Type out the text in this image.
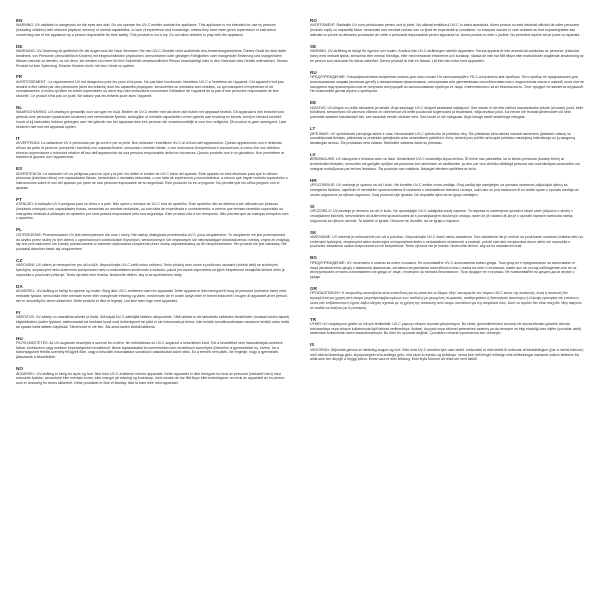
EN

WARNING: UV radiation is dangerous for the eyes and skin. Do not operate the UV-C emitter outside the appliance. This appliance is not intended for use by persons (including children) with reduced physical, sensory or mental capabilities, or lack of experience and knowledge, unless they have been given supervision or instruction concerning use of the appliance by a person responsible for their safety. This product is not a toy. Do not allow children to play with the appliance.

DE

WARNUNG: UV-Strahlung ist gefährlich für die Augen und die Haut. Benutzen Sie den UV-C-Strahler nicht außerhalb des Anwendungsbereichs. Dieses Gerät ist nicht dafür bestimmt, von Personen (einschließlich Kindern) mit eingeschränkten physischen, sensorischen oder geistigen Fähigkeiten oder mangelnder Erfahrung und mangelndem Wissen benutzt zu werden, es sei denn, sie werden von einer für ihre Sicherheit verantwortlichen Person beaufsichtigt oder in den Gebrauch des Geräts unterwiesen. Dieses Produkt ist kein Spielzeug. Erlaube Kindern nicht, mit dem Gerät zu spielen.

FR

AVERTISSEMENT : Le rayonnement UV est dangereux pour les yeux et la peau. Ne pas faire fonctionner l’émetteur UV-C à l’extérieur de l’appareil. Cet appareil n’est pas destiné à être utilisé par des personnes (dont les enfants) dont les capacités physiques, sensorielles ou mentales sont réduites, ou qui manquent d’expérience et de connaissances, à moins qu’elles ne soient supervisées ou aient reçu des instructions concernant l’utilisation de l’appareil de la part d’une personne responsable de leur sécurité. Ce produit n’est pas un jouet. Ne laissez pas les enfants jouer avec l’appareil.

NL

WAARSCHUWING: UV-straling is gevaarlijk voor uw ogen en huid. Bedien de UV-C emitter niet als deze zich buiten het apparaat bevindt. Dit apparaat is niet bedoeld voor gebruik door personen (waaronder kinderen) met verminderde fysieke, zintuiglijke of mentale capaciteiten of een gebrek aan ervaring en kennis, tenzij er iemand toezicht houdt of zij instructies hebben gekregen over het gebruik van het apparaat door een persoon die verantwoordelijk is voor hun veiligheid. Dit product is geen speelgoed. Laat kinderen niet met het apparaat spelen.

IT

AVVERTENZA: La radiazione UV è pericolosa per gli occhi e per la pelle. Non utilizzare l’emettitore UV-C al di fuori dell’apparecchio. Questo apparecchio non è destinato all’uso da parte di persone (compresi i bambini) con capacità fisiche, sensoriali o mentali ridotte, o con mancanza di esperienza e conoscenza, a meno che non abbiano ricevuto supervisione o istruzioni relative all’uso dell’apparecchio da una persona responsabile della loro sicurezza. Questo prodotto non è un giocattolo. Non permettere ai bambini di giocare con l’apparecchio.

ES

ADVERTENCIA: La radiación UV es peligrosa para los ojos y la piel. No utilice el emisor de UV-C fuera del aparato. Este aparato no está diseñado para que lo utilicen personas (incluidos niños) con capacidades físicas, sensoriales o mentales reducidas, o con falta de experiencia y conocimientos, a menos que hayan recibido supervisión o instrucciones sobre el uso del aparato por parte de una persona responsable de su seguridad. Este producto no es un juguete. No permita que los niños jueguen con el aparato.

PT

ATENÇÃO: A radiação UV é perigosa para os olhos e a pele. Não opere o emissor de UV-C fora do aparelho. Este aparelho não se destina a ser utilizado por pessoas (incluindo crianças) com capacidades físicas, sensoriais ou mentais reduzidas, ou com falta de experiência e conhecimento, a menos que tenham recebido supervisão ou instruções relativas à utilização do aparelho por uma pessoa responsável pela sua segurança. Este produto não é um brinquedo. Não permita que as crianças brinquem com o aparelho.

PL

OSTRZEŻENIE: Promieniowanie UV jest niebezpieczne dla oczu i skóry. Nie należy obsługiwać promiennika UV-C poza urządzeniem. To urządzenie nie jest przeznaczone do użytku przez osoby (w tym dzieci) o ograniczonych zdolnościach fizycznych, sensorycznych lub umysłowych lub nieposiadające doświadczenia i wiedzy, chyba że znajdują się one pod nadzorem lub zostały poinstruowane w zakresie użytkowania urządzenia przez osobę odpowiedzialną za ich bezpieczeństwo. Ten produkt nie jest zabawką. Nie pozwalaj dzieciom bawić się urządzeniem.

CZ

VAROVÁNÍ: UV záření je nebezpečné pro oči a kůži. Nepoužívejte UV-C zářič mimo zařízení. Tento přístroj není určen k používání osobami (včetně dětí) se sníženými fyzickými, smyslovými nebo duševními schopnostmi nebo s nedostatkem zkušeností a znalostí, pokud jim osoba odpovědná za jejich bezpečnost nezajistila dohled nebo je nepoučila o používání přístroje. Tento výrobek není hračka. Nedovolte dětem, aby si se spotřebičem hrály.

DA

ADVARSEL: UV-stråling er farligt for øjnene og huden. Brug ikke UV-C-emitteren uden for apparatet. Dette apparat er ikke beregnet til brug af personer (inklusive børn) med nedsatte fysiske, sensoriske eller mentale evner eller manglende erfaring og viden, medmindre de er under opsyn eller er blevet instrueret i brugen af apparatet af en person, der er ansvarlig for deres sikkerhed. Dette produkt er ikke et legetøj. Lad ikke børn lege med apparatet.

FI

VAROITUS: UV-säteily on vaarallista silmille ja iholle. Älä käytä UV-C-säteilijää laitteen ulkopuolella. Tätä laitetta ei ole tarkoitettu sellaisten henkilöiden (mukaan lukien lapset) käytettäväksi, joiden fyysiset, aistinvaraiset tai henkiset kyvyt ovat heikentyneet tai joilla ei ole kokemusta ja tietoa, ellei heidän turvallisuudestaan vastaava henkilö valvo heitä tai opasta heitä laitteen käytössä. Tämä tuote ei ole lelu. Älä anna lasten leikkiä laitteella.

HU

FIGYELMEZTETÉS: Az UV-sugárzás veszélyes a szemre és a bőrre. Ne működtesse az UV-C sugárzót a készüléken kívül. Ezt a készüléket nem használhatják csökkent fizikai, érzékszervi vagy szellemi képességekkel rendelkező, illetve tapasztalattal és ismeretekkel nem rendelkező személyek (beleértve a gyermekeket is), kivéve, ha a biztonságukért felelős személy felügyeli őket, vagy a készülék használatára vonatkozó utasításokat adott nekik. Ez a termék nem játék. Ne engedje, hogy a gyermekek játsszanak a készülékkel.

NO

ADVARSEL: UV-stråling er farlig for øyne og hud. Ikke bruk UV-C-emitteren utenfor apparatet. Dette apparatet er ikke beregnet for bruk av personer (inkludert barn) med reduserte fysiske, sensoriske eller mentale evner, eller mangel på erfaring og kunnskap, med mindre de har fått tilsyn eller instruksjoner om bruk av apparatet av en person som er ansvarlig for deres sikkerhet. Dette produktet er ikke et leketøy. Ikke la barn leke med apparatet.

RO

AVERTISMENT: Radiațiile UV sunt periculoase pentru ochi și piele. Nu utilizați emițătorul UV-C în afara aparatului. Acest produs nu este destinat utilizării de către persoane (inclusiv copii) cu capacități fizice, senzoriale sau mentale reduse sau cu lipsă de experiență și cunoștințe, cu excepția cazului în care acestea au fost supravegheate sau instruite cu privire la utilizarea produsului de către o persoană responsabilă pentru siguranța lor. Acest produs nu este o jucărie. Nu permiteți copiilor să se joace cu aparatul.

SE

VARNING: UV-strålning är farligt för ögonen och huden. Använd inte UV-C-strålningen utanför apparaten. Denna apparat är inte avsedd att användas av personer (inklusive barn) med nedsatt fysisk, sensorisk eller mental förmåga, eller med bristande erfarenhet och kunskap, såvida de inte har fått tillsyn eller instruktioner angående användning av en person som ansvarar för deras säkerhet. Denna produkt är inte en leksak. Låt inte barn leka med apparaten.

RU

ПРЕДУПРЕЖДЕНИЕ: Ультрафиолетовое излучение опасно для глаз и кожи. Не эксплуатируйте УФ-C-излучатель вне прибора. Этот прибор не предназначен для использования лицами (включая детей) с пониженными физическими, сенсорными или умственными способностями или с недостатком опыта и знаний, если они не находятся под присмотром или не получили инструкций по использованию прибора от лица, ответственного за их безопасность. Этот продукт не является игрушкой. Не позволяйте детям играть с прибором.

EE

HOIATUS: UV-kiirgus on ohtlik silmadele ja nahale. Ärge kasutage UV-C kiirgurit seadmest väljaspool. See seade ei ole ette nähtud kasutamiseks isikute (sh laste) poolt, kelle füüsilised, sensoorsed või vaimsed võimed on vähenenud või kellel puuduvad kogemused ja teadmised, välja arvatud juhul, kui nende üle teostab järelevalvet või neid juhendab seadme kasutamisel isik, kes vastutab nende ohutuse eest. See toode ei ole mänguasi. Ärge lubage lastel seadmega mängida.

LT

ĮSPĖJIMAS: UV spinduliuotė pavojinga akims ir odai. Nenaudokite UV-C spinduolio už prietaiso ribų. Šis prietaisas nėra skirtas naudoti asmenims (įskaitant vaikus) su sumažėjusiais fiziniais, jutiminiais ar protiniais gebėjimais arba neturintiems patirties ir žinių, nebent juos prižiūri arba apie prietaiso naudojimą instruktuoja už jų saugumą atsakingas asmuo. Šis produktas nėra žaislas. Neleiskite vaikams žaisti su prietaisu.

LV

BRĪDINĀJUMS: UV starojums ir bīstams acīm un ādai. Nedarbiniet UV-C izstarotāju ārpus ierīces. Šī ierīce nav paredzēta, lai to lietotu personas (tostarp bērni) ar ierobežotām fiziskām, sensorām vai garīgām spējām vai personas bez pieredzes un zināšanām, ja vien par viņu drošību atbildīgā persona nav nodrošinājusi uzraudzību vai sniegusi norādījumus par ierīces lietošanu. Šis produkts nav rotaļlieta. Neļaujiet bērniem spēlēties ar ierīci.

HR

UPOZORENJE: UV zračenje je opasno za oči i kožu. Ne koristite UV-C emiter izvan uređaja. Ovaj uređaj nije namijenjen za uporabu osobama (uključujući djecu) sa smanjenim fizičkim, osjetilnim ili mentalnim sposobnostima ili osobama s nedostatkom iskustva i znanja, osim ako su pod nadzorom ili su dobile upute o uporabi uređaja od osobe odgovorne za njihovu sigurnost. Ovaj proizvod nije igračka. Ne dopustite djeci da se igraju uređajem.

SI

OPOZORILO: UV-sevanje je nevarno za oči in kožo. Ne uporabljajte UV-C oddajnika zunaj naprave. Ta naprava ni namenjena uporabi s strani oseb (vključno z otroki) z zmanjšanimi fizičnimi, senzoričnimi ali duševnimi sposobnostmi ali s pomanjkanjem izkušenj in znanja, razen če jih nadzira ali jim je o uporabi naprave svetovala oseba, odgovorna za njihovo varnost. Ta izdelek ni igrača. Otrokom ne dovolite, da se igrajo z napravo.

SK

VAROVANIE: UV žiarenie je nebezpečné pre oči a pokožku. Nepoužívajte UV-C žiarič mimo zariadenia. Toto zariadenie nie je určené na používanie osobami (vrátane detí) so zníženými fyzickými, zmyslovými alebo duševnými schopnosťami alebo s nedostatkom skúseností a znalostí, pokiaľ nad nimi nevykonáva dozor alebo ich nepoučila o používaní zariadenia osoba zodpovedná za ich bezpečnosť. Tento výrobok nie je hračka. Nedovoľte deťom, aby sa so zariadením hrali.

BG

ПРЕДУПРЕЖДЕНИЕ: UV лъчението е опасно за очите и кожата. Не използвайте UV-C излъчвателя извън уреда. Този уред не е предназначен за използване от лица (включително деца) с намалени физически, сетивни или умствени способности или с липса на опит и познания, освен ако не са под наблюдение или не са инструктирани относно използването на уреда от лице, отговорно за тяхната безопасност. Този продукт не е играчка. Не позволявайте на децата да си играят с уреда.

GR

ΠΡΟΕΙΔΟΠΟΙΗΣΗ: Η υπεριώδης ακτινοβολία είναι επικίνδυνη για τα μάτια και το δέρμα. Μην λειτουργείτε τον πομπό UV-C εκτός της συσκευής. Αυτή η συσκευή δεν προορίζεται για χρήση από άτομα (συμπεριλαμβανομένων των παιδιών) με μειωμένες σωματικές, αισθητηριακές ή διανοητικές ικανότητες ή έλλειψη εμπειρίας και γνώσεων, εκτός εάν επιβλέπονται ή έχουν λάβει οδηγίες σχετικά με τη χρήση της συσκευής από άτομο υπεύθυνο για την ασφάλειά τους. Αυτό το προϊόν δεν είναι παιχνίδι. Μην αφήνετε τα παιδιά να παίζουν με τη συσκευή.

TR

UYARI: UV radyasyonu gözler ve cilt için tehlikelidir. UV-C yayıcıyı cihazın dışında çalıştırmayın. Bu cihaz, güvenliklerinden sorumlu bir kişi tarafından gözetim altında tutulmadıkça veya cihazın kullanımıyla ilgili talimat verilmedikçe, fiziksel, duyusal veya zihinsel yetenekleri azalmış ya da deneyim ve bilgi eksikliği olan kişiler (çocuklar dahil) tarafından kullanılmak üzere tasarlanmamıştır. Bu ürün bir oyuncak değildir. Çocukların cihazla oynamasına izin vermeyin.

IS

VIÐVÖRUN: Útfjólublá geislun er hættuleg augum og húð. Ekki nota UV-C sendinn fyrir utan tækið. Þetta tæki er ekki ætlað til notkunar af einstaklingum (þar á meðal börnum) með skerta líkamlega getu, skynjunargetu eða andlega getu, eða skort á reynslu og þekkingu, nema þeir hafi fengið leiðsögn eða leiðbeiningar varðandi notkun tækisins frá aðila sem ber ábyrgð á öryggi þeirra. Þessi vara er ekki leikfang. Ekki leyfa börnum að leika sér með tækið.
